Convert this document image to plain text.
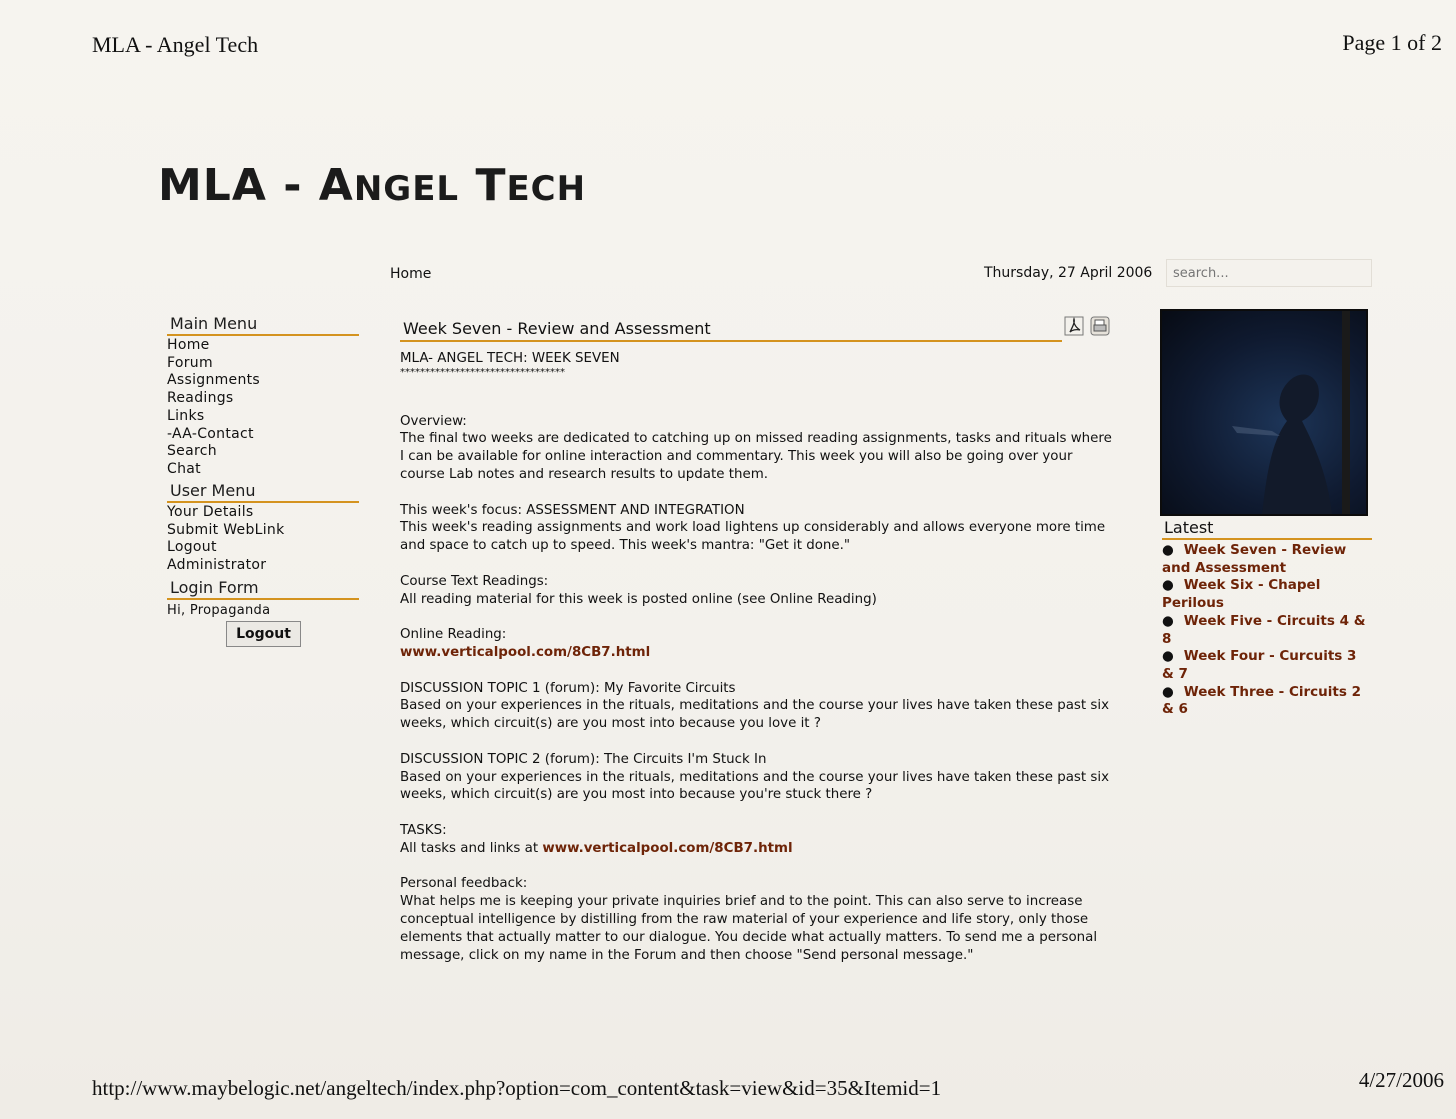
MLA - Angel Tech	Page 1 of 2
MLA - ANGEL TECH
Home	Thursday, 27 April 2006
search...
Main Menu
Home
Forum
Assignments
Readings
Links
-AA-Contact
Search
Chat
User Menu
Your Details
Submit WebLink
Logout
Administrator
Login Form
Hi, Propaganda
Logout
Week Seven - Review and Assessment
MLA- ANGEL TECH: WEEK SEVEN

*********************************

Overview:

The final two weeks are dedicated to catching up on missed reading assignments, tasks and rituals where I can be available for online interaction and commentary. This week you will also be going over your course Lab notes and research results to update them.

This week's focus: ASSESSMENT AND INTEGRATION

This week's reading assignments and work load lightens up considerably and allows everyone more time and space to catch up to speed. This week's mantra: "Get it done."

Course Text Readings:

All reading material for this week is posted online (see Online Reading)

Online Reading:

www.verticalpool.com/8CB7.html

DISCUSSION TOPIC 1 (forum): My Favorite Circuits

Based on your experiences in the rituals, meditations and the course your lives have taken these past six weeks, which circuit(s) are you most into because you love it ?

DISCUSSION TOPIC 2 (forum): The Circuits I'm Stuck In

Based on your experiences in the rituals, meditations and the course your lives have taken these past six weeks, which circuit(s) are you most into because you're stuck there ?

TASKS:

All tasks and links at www.verticalpool.com/8CB7.html

Personal feedback:

What helps me is keeping your private inquiries brief and to the point. This can also serve to increase conceptual intelligence by distilling from the raw material of your experience and life story, only those elements that actually matter to our dialogue. You decide what actually matters. To send me a personal message, click on my name in the Forum and then choose "Send personal message."

Latest
● Week Seven - Review and Assessment
● Week Six - Chapel Perilous
● Week Five - Circuits 4 & 8
● Week Four - Curcuits 3 & 7
● Week Three - Circuits 2 & 6
http://www.maybelogic.net/angeltech/index.php?option=com_content&task=view&id=35&Itemid=1	4/27/2006
